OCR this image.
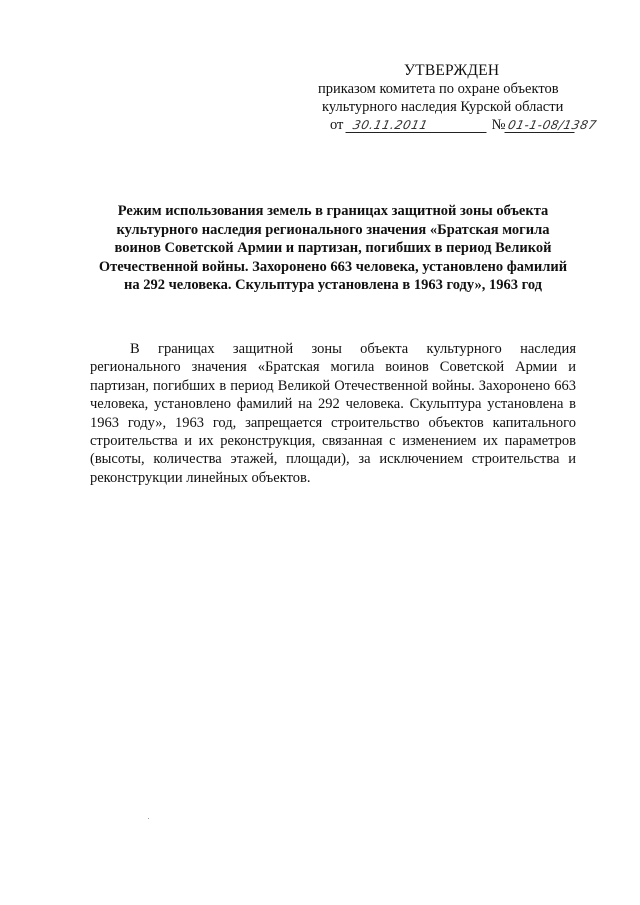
УТВЕРЖДЕН
приказом комитета по охране объектов
культурного наследия Курской области
от 30.11.2011	№01-1-08/1387
Режим использования земель в границах защитной зоны объекта культурного наследия регионального значения «Братская могила воинов Советской Армии и партизан, погибших в период Великой Отечественной войны. Захоронено 663 человека, установлено фамилий на 292 человека. Скульптура установлена в 1963 году», 1963 год
В границах защитной зоны объекта культурного наследия регионального значения «Братская могила воинов Советской Армии и партизан, погибших в период Великой Отечественной войны. Захоронено 663 человека, установлено фамилий на 292 человека. Скульптура установлена в 1963 году», 1963 год, запрещается строительство объектов капитального строительства и их реконструкция, связанная с изменением их параметров (высоты, количества этажей, площади), за исключением строительства и реконструкции линейных объектов.
